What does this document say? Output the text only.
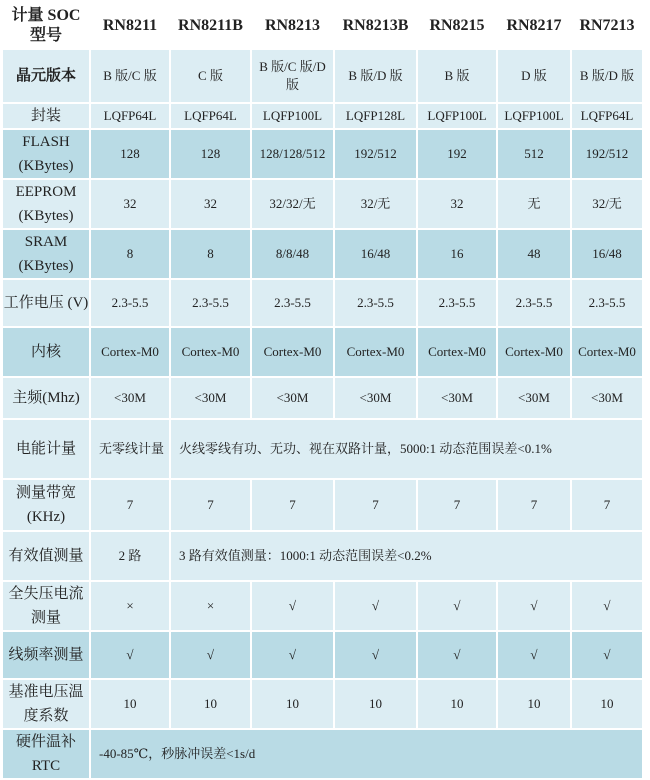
计量 SOC 型号	RN8211	RN8211B	RN8213	RN8213B	RN8215	RN8217	RN7213
晶元版本	B 版/C 版	C 版	B 版/C 版/D 版	B 版/D 版	B 版	D 版	B 版/D 版
封装	LQFP64L	LQFP64L	LQFP100L	LQFP128L	LQFP100L	LQFP100L	LQFP64L
FLASH (KBytes)	128	128	128/128/512	192/512	192	512	192/512
EEPROM (KBytes)	32	32	32/32/无	32/无	32	无	32/无
SRAM (KBytes)	8	8	8/8/48	16/48	16	48	16/48
工作电压 (V)	2.3-5.5	2.3-5.5	2.3-5.5	2.3-5.5	2.3-5.5	2.3-5.5	2.3-5.5
内核	Cortex-M0	Cortex-M0	Cortex-M0	Cortex-M0	Cortex-M0	Cortex-M0	Cortex-M0
主频(Mhz)	<30M	<30M	<30M	<30M	<30M	<30M	<30M
电能计量	无零线计量	火线零线有功、无功、视在双路计量，5000:1 动态范围误差<0.1%					
测量带宽 (KHz)	7	7	7	7	7	7	7
有效值测量	2 路	3 路有效值测量：1000:1 动态范围误差<0.2%					
全失压电流测量	×	×	√	√	√	√	√
线频率测量	√	√	√	√	√	√	√
基准电压温度系数	10	10	10	10	10	10	10
硬件温补 RTC	-40-85℃，秒脉冲误差<1s/d						
